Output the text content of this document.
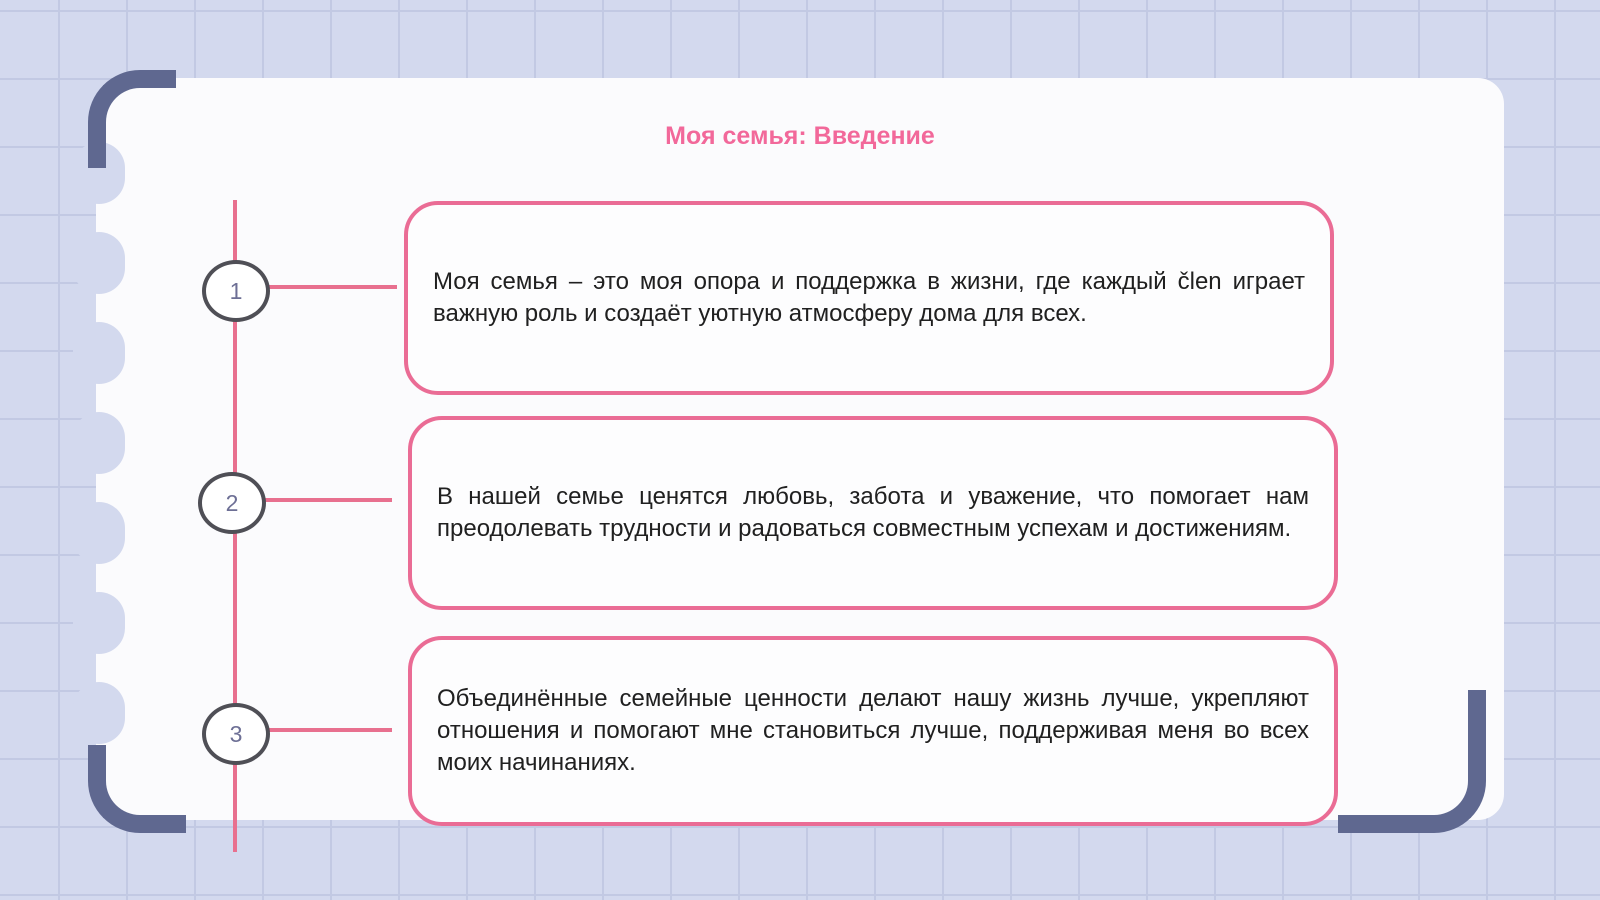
Моя семья: Введение
1
2
3
Моя семья – это моя опора и поддержка в жизни, где каждый člen играет важную роль и создаёт уютную атмосферу дома для всех.
В нашей семье ценятся любовь, забота и уважение, что помогает нам преодолевать трудности и радоваться совместным успехам и достижениям.
Объединённые семейные ценности делают нашу жизнь лучше, укрепляют отношения и помогают мне становиться лучше, поддерживая меня во всех моих начинаниях.
